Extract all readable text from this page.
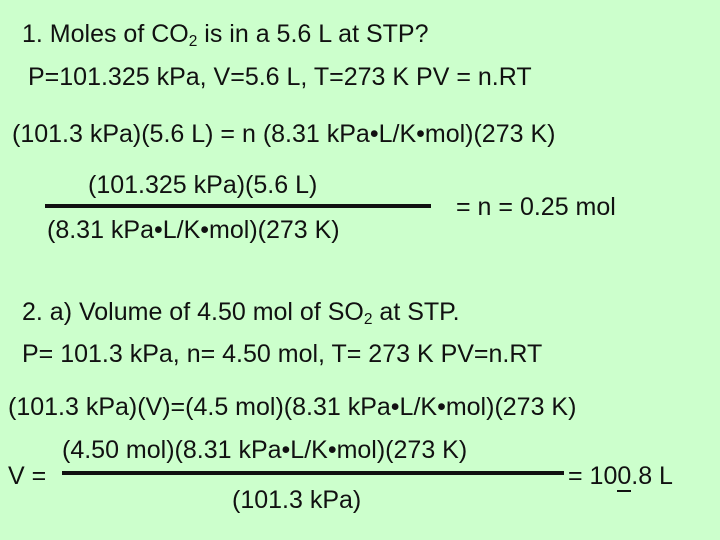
1. Moles of $CO_2$ is in a 5.6 L at STP?
P=101.325 kPa, V=5.6 L, T=273 K PV = n.RT
(101.3 kPa)(5.6 L) = n (8.31 kPa•L/K•mol)(273 K)
(101.325 kPa)(5.6 L)
(8.31 kPa•L/K•mol)(273 K)
= n = 0.25 mol
2. a) Volume of 4.50 mol of $SO_2$ at STP.
P= 101.3 kPa, n= 4.50 mol, T= 273 K PV=n.RT
(101.3 kPa)(V)=(4.5 mol)(8.31 kPa•L/K•mol)(273 K)
V =
(4.50 mol)(8.31 kPa•L/K•mol)(273 K)
(101.3 kPa)
= 100.8 L
